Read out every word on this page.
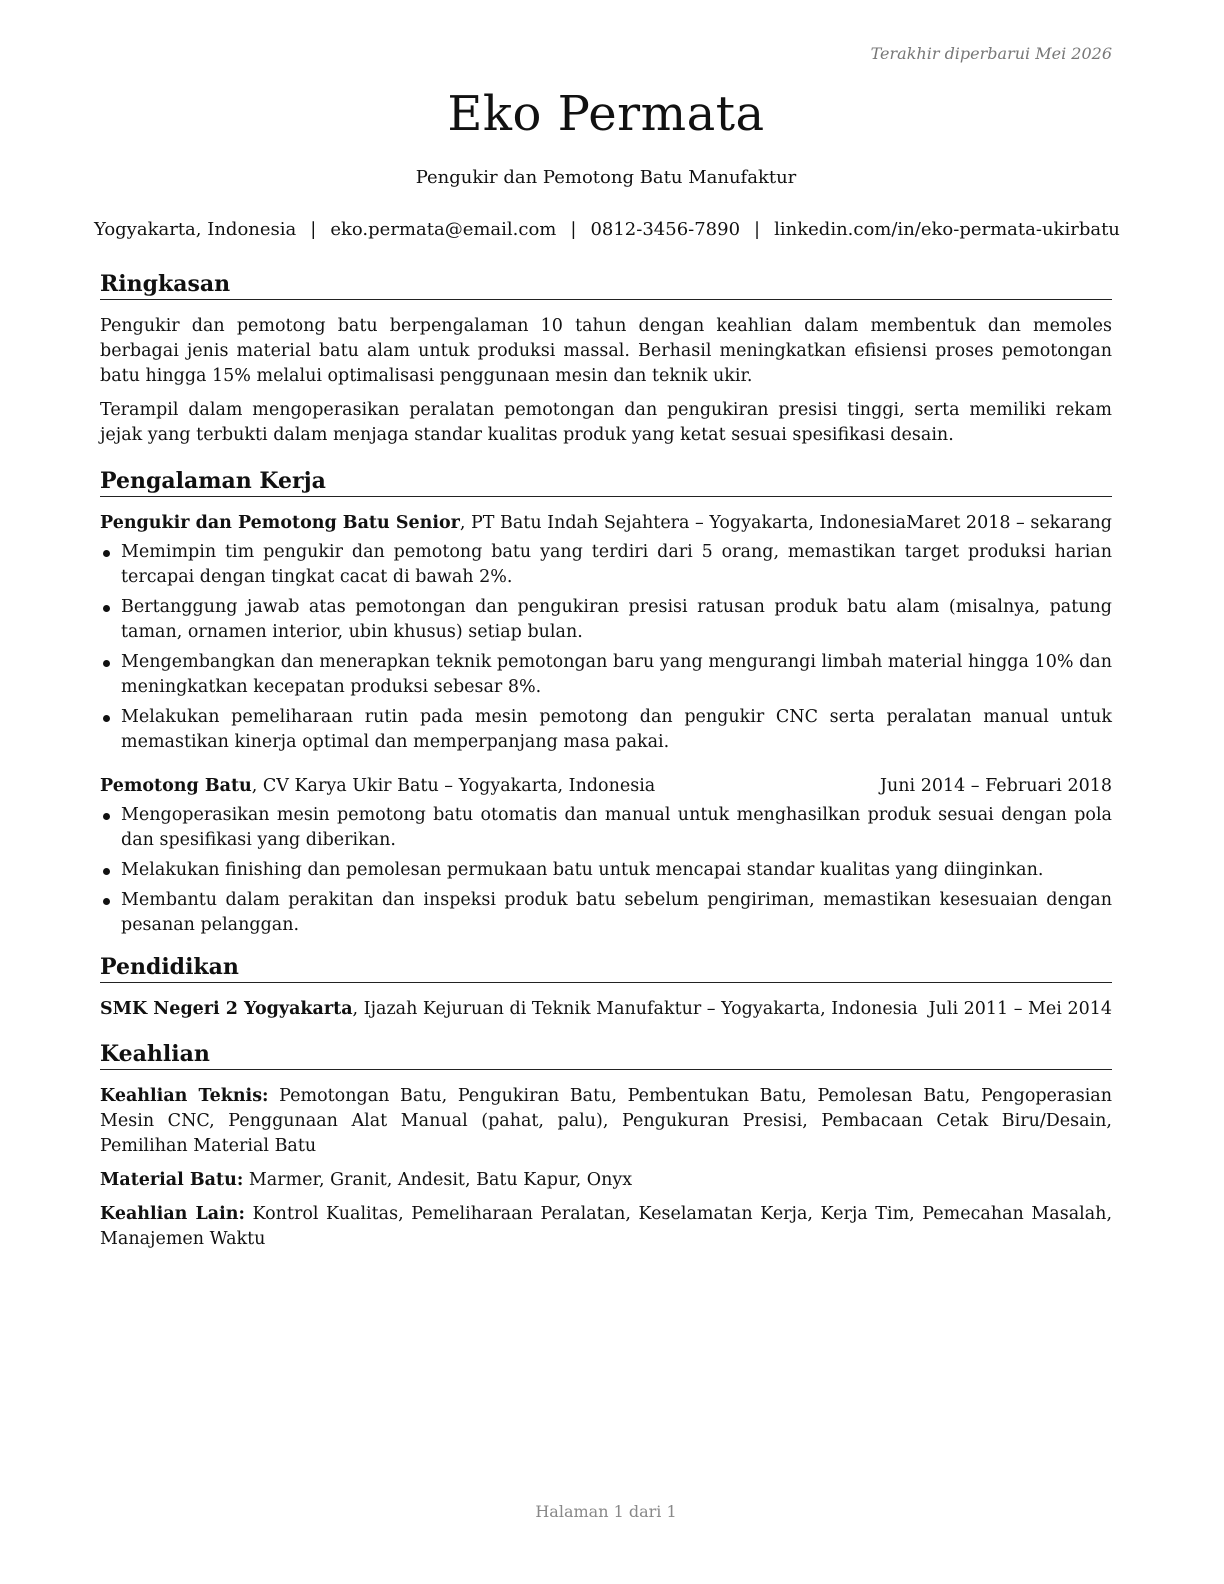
Terakhir diperbarui Mei 2026
Eko Permata
Pengukir dan Pemotong Batu Manufaktur
Yogyakarta, Indonesia | eko.permata@email.com | 0812-3456-7890 | linkedin.com/in/eko-permata-ukirbatu
Ringkasan

Pengukir dan pemotong batu berpengalaman 10 tahun dengan keahlian dalam membentuk dan memoles berbagai jenis material batu alam untuk produksi massal. Berhasil meningkatkan efisiensi proses pemotongan batu hingga 15% melalui optimalisasi penggunaan mesin dan teknik ukir.

Terampil dalam mengoperasikan peralatan pemotongan dan pengukiran presisi tinggi, serta memiliki rekam jejak yang terbukti dalam menjaga standar kualitas produk yang ketat sesuai spesifikasi desain.

Pengalaman Kerja
Pengukir dan Pemotong Batu Senior, PT Batu Indah Sejahtera – Yogyakarta, Indonesia Maret 2018 – sekarang
Memimpin tim pengukir dan pemotong batu yang terdiri dari 5 orang, memastikan target produksi harian tercapai dengan tingkat cacat di bawah 2%.
Bertanggung jawab atas pemotongan dan pengukiran presisi ratusan produk batu alam (misalnya, patung taman, ornamen interior, ubin khusus) setiap bulan.
Mengembangkan dan menerapkan teknik pemotongan baru yang mengurangi limbah material hingga 10% dan meningkatkan kecepatan produksi sebesar 8%.
Melakukan pemeliharaan rutin pada mesin pemotong dan pengukir CNC serta peralatan manual untuk memastikan kinerja optimal dan memperpanjang masa pakai.
Pemotong Batu, CV Karya Ukir Batu – Yogyakarta, Indonesia	Juni 2014 – Februari 2018
Mengoperasikan mesin pemotong batu otomatis dan manual untuk menghasilkan produk sesuai dengan pola dan spesifikasi yang diberikan.
Melakukan finishing dan pemolesan permukaan batu untuk mencapai standar kualitas yang diinginkan.
Membantu dalam perakitan dan inspeksi produk batu sebelum pengiriman, memastikan kesesuaian dengan pesanan pelanggan.
Pendidikan
SMK Negeri 2 Yogyakarta, Ijazah Kejuruan di Teknik Manufaktur – Yogyakarta, Indonesia Juli 2011 – Mei 2014
Keahlian

Keahlian Teknis: Pemotongan Batu, Pengukiran Batu, Pembentukan Batu, Pemolesan Batu, Pengoperasian Mesin CNC, Penggunaan Alat Manual (pahat, palu), Pengukuran Presisi, Pembacaan Cetak Biru/Desain, Pemilihan Material Batu

Material Batu: Marmer, Granit, Andesit, Batu Kapur, Onyx

Keahlian Lain: Kontrol Kualitas, Pemeliharaan Peralatan, Keselamatan Kerja, Kerja Tim, Pemecahan Masalah, Manajemen Waktu

Halaman 1 dari 1
